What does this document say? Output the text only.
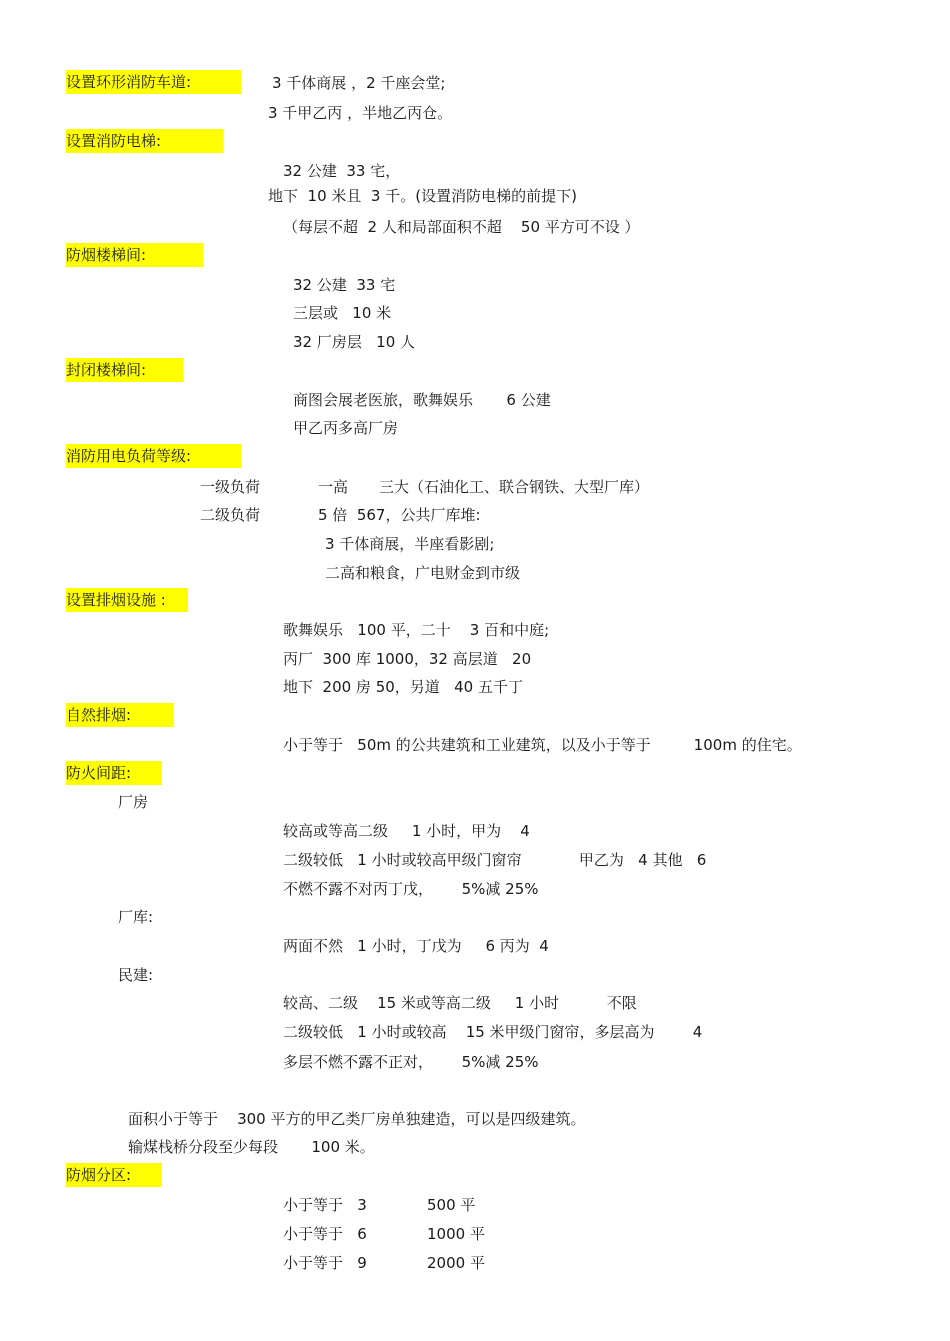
设置环形消防车道:	3 千体商展 ，2 千座会堂;
3 千甲乙丙 ，半地乙丙仓。
设置消防电梯:
32 公建  33 宅，
地下  10 米且  3 千。(设置消防电梯的前提下)
（每层不超  2 人和局部面积不超    50 平方可不设 ）
防烟楼梯间:
32 公建  33 宅
三层或   10 米
32 厂房层   10 人
封闭楼梯间:
商图会展老医旅，歌舞娱乐       6 公建
甲乙丙多高厂房
消防用电负荷等级:
一级负荷	一高 三大（石油化工、联合钢铁、大型厂库）
二级负荷	5 倍  567，公共厂库堆:
3 千体商展，半座看影剧;
二高和粮食，广电财金到市级
设置排烟设施 :
歌舞娱乐   100 平，二十    3 百和中庭;
丙厂  300 库 1000，32 高层道   20
地下  200 房 50，另道   40 五千丁
自然排烟:
小于等于   50m 的公共建筑和工业建筑，以及小于等于         100m 的住宅。
防火间距:
厂房
较高或等高二级     1 小时，甲为    4
二级较低   1 小时或较高甲级门窗帘            甲乙为   4 其他   6
不燃不露不对丙丁戊，      5%减 25%
厂库:
两面不然   1 小时，丁戊为     6 丙为  4
民建:
较高、二级    15 米或等高二级     1 小时          不限
二级较低   1 小时或较高    15 米甲级门窗帘，多层高为        4
多层不燃不露不正对，      5%减 25%
面积小于等于    300 平方的甲乙类厂房单独建造，可以是四级建筑。
输煤栈桥分段至少每段       100 米。
防烟分区:
小于等于   3	500 平
小于等于   6	1000 平
小于等于   9	2000 平
